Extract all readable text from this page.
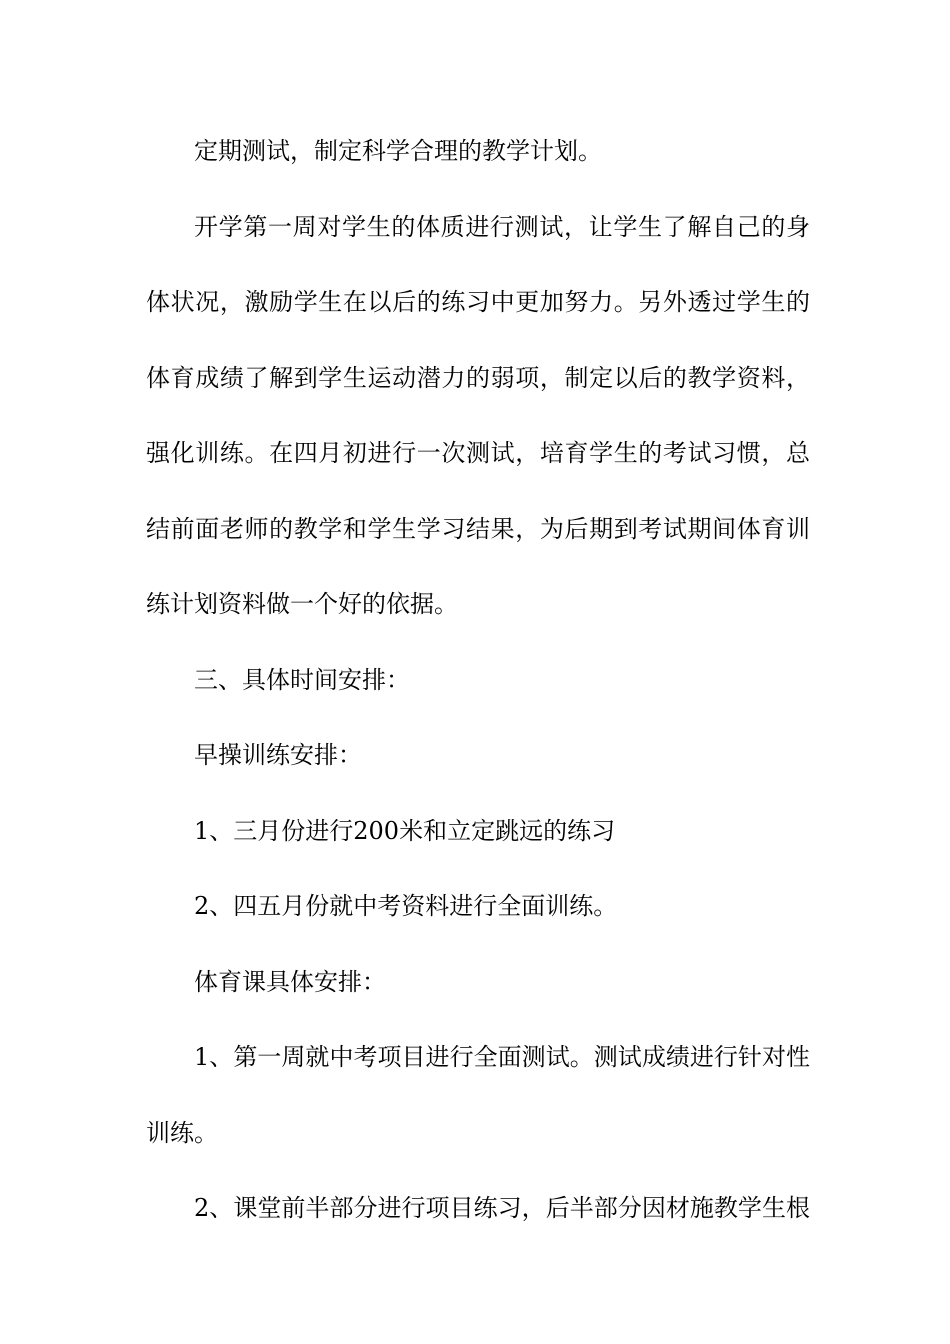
定期测试，制定科学合理的教学计划。
开学第一周对学生的体质进行测试，让学生了解自己的身
体状况，激励学生在以后的练习中更加努力。另外透过学生的
体育成绩了解到学生运动潜力的弱项，制定以后的教学资料，
强化训练。在四月初进行一次测试，培育学生的考试习惯，总
结前面老师的教学和学生学习结果，为后期到考试期间体育训
练计划资料做一个好的依据。
三、具体时间安排：
早操训练安排：
1、三月份进行200米和立定跳远的练习
2、四五月份就中考资料进行全面训练。
体育课具体安排：
1、第一周就中考项目进行全面测试。测试成绩进行针对性
训练。
2、课堂前半部分进行项目练习，后半部分因材施教学生根
